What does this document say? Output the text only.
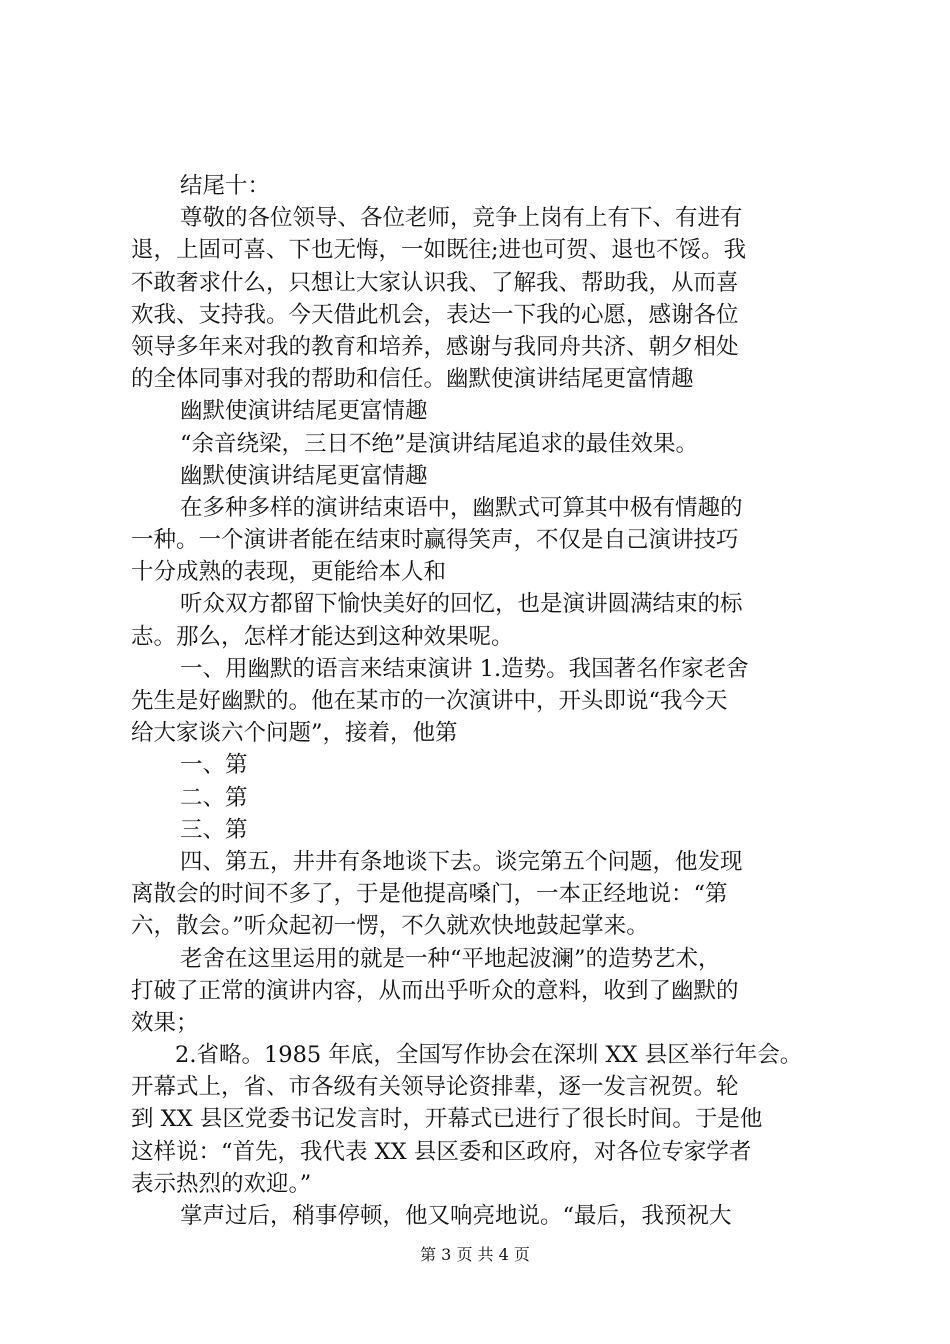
结尾十：
尊敬的各位领导、各位老师，竞争上岗有上有下、有进有
退，上固可喜、下也无悔，一如既往;进也可贺、退也不馁。我
不敢奢求什么，只想让大家认识我、了解我、帮助我，从而喜
欢我、支持我。今天借此机会，表达一下我的心愿，感谢各位
领导多年来对我的教育和培养，感谢与我同舟共济、朝夕相处
的全体同事对我的帮助和信任。幽默使演讲结尾更富情趣
幽默使演讲结尾更富情趣
“余音绕梁，三日不绝”是演讲结尾追求的最佳效果。
幽默使演讲结尾更富情趣
在多种多样的演讲结束语中，幽默式可算其中极有情趣的
一种。一个演讲者能在结束时赢得笑声，不仅是自己演讲技巧
十分成熟的表现，更能给本人和
听众双方都留下愉快美好的回忆，也是演讲圆满结束的标
志。那么，怎样才能达到这种效果呢。
一、用幽默的语言来结束演讲 1.造势。我国著名作家老舍
先生是好幽默的。他在某市的一次演讲中，开头即说“我今天
给大家谈六个问题”，接着，他第
一、第
二、第
三、第
四、第五，井井有条地谈下去。谈完第五个问题，他发现
离散会的时间不多了，于是他提高嗓门，一本正经地说：“第
六，散会。”听众起初一愣，不久就欢快地鼓起掌来。
老舍在这里运用的就是一种“平地起波澜”的造势艺术，
打破了正常的演讲内容，从而出乎听众的意料，收到了幽默的
效果；
2.省略。1985 年底，全国写作协会在深圳 XX 县区举行年会。
开幕式上，省、市各级有关领导论资排辈，逐一发言祝贺。轮
到 XX 县区党委书记发言时，开幕式已进行了很长时间。于是他
这样说：“首先，我代表 XX 县区委和区政府，对各位专家学者
表示热烈的欢迎。”
掌声过后，稍事停顿，他又响亮地说。“最后，我预祝大
第 3 页 共 4 页
